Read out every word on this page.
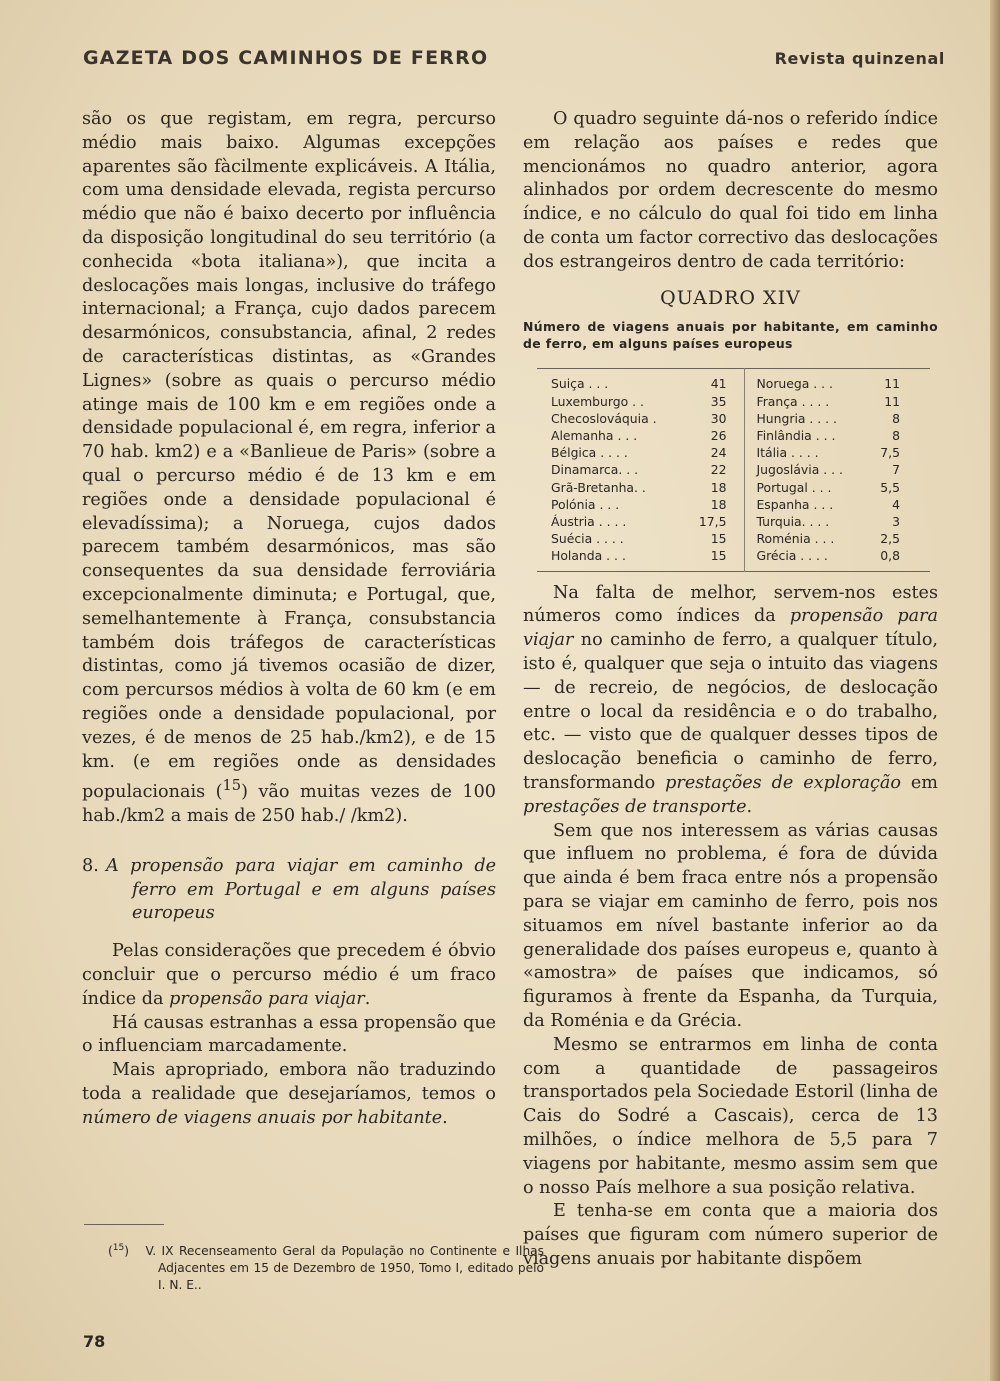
GAZETA DOS CAMINHOS DE FERRO	Revista quinzenal

são os que registam, em regra, percurso médio mais baixo. Algumas excepções aparentes são fàcilmente explicáveis. A Itália, com uma densidade elevada, regista percurso médio que não é baixo decerto por influência da disposição longitudinal do seu território (a conhecida «bota italiana»), que incita a deslocações mais longas, inclusive do tráfego internacional; a França, cujo dados parecem desarmónicos, consubstancia, afinal, 2 redes de características distintas, as «Grandes Lignes» (sobre as quais o percurso médio atinge mais de 100 km e em regiões onde a densidade populacional é, em regra, inferior a 70 hab. km2) e a «Banlieue de Paris» (sobre a qual o percurso médio é de 13 km e em regiões onde a densidade populacional é elevadíssima); a Noruega, cujos dados parecem também desarmónicos, mas são consequentes da sua densidade ferroviária excepcionalmente diminuta; e Portugal, que, semelhantemente à França, consubstancia também dois tráfegos de características distintas, como já tivemos ocasião de dizer, com percursos médios à volta de 60 km (e em regiões onde a densidade populacional, por vezes, é de menos de 25 hab./km2), e de 15 km. (e em regiões onde as densidades populacionais ($^{15}$) vão muitas vezes de 100 hab./km2 a mais de 250 hab./ /km2).

8. A propensão para viajar em caminho de ferro em Portugal e em alguns países europeus

Pelas considerações que precedem é óbvio concluir que o percurso médio é um fraco índice da propensão para viajar.

Há causas estranhas a essa propensão que o influenciam marcadamente.

Mais apropriado, embora não traduzindo toda a realidade que desejaríamos, temos o número de viagens anuais por habitante.

($^{15}$)   V. IX Recenseamento Geral da População no Continente e Ilhas Adjacentes em 15 de Dezembro de 1950, Tomo I, editado pelo I. N. E..
78

O quadro seguinte dá-nos o referido índice em relação aos países e redes que mencionámos no quadro anterior, agora alinhados por ordem decrescente do mesmo índice, e no cálculo do qual foi tido em linha de conta um factor correctivo das deslocações dos estrangeiros dentro de cada território:

QUADRO XIV

Número de viagens anuais por habitante, em caminho de ferro, em alguns países europeus

Suiça . . .	41		Noruega . . .	11
Luxemburgo . .	35		França . . . .	11
Checoslováquia .	30		Hungria . . . .	8
Alemanha . . .	26		Finlândia . . .	8
Bélgica . . . .	24		Itália . . . .	7,5
Dinamarca. . .	22		Jugoslávia . . .	7
Grã-Bretanha. .	18		Portugal . . .	5,5
Polónia . . .	18		Espanha . . .	4
Áustria . . . .	17,5		Turquia. . . .	3
Suécia . . . .	15		Roménia . . .	2,5
Holanda . . .	15		Grécia . . . .	0,8

Na falta de melhor, servem-nos estes números como índices da propensão para viajar no caminho de ferro, a qualquer título, isto é, qualquer que seja o intuito das viagens — de recreio, de negócios, de deslocação entre o local da residência e o do trabalho, etc. — visto que de qualquer desses tipos de deslocação beneficia o caminho de ferro, transformando prestações de exploração em prestações de transporte.

Sem que nos interessem as várias causas que influem no problema, é fora de dúvida que ainda é bem fraca entre nós a propensão para se viajar em caminho de ferro, pois nos situamos em nível bastante inferior ao da generalidade dos países europeus e, quanto à «amostra» de países que indicamos, só figuramos à frente da Espanha, da Turquia, da Roménia e da Grécia.

Mesmo se entrarmos em linha de conta com a quantidade de passageiros transportados pela Sociedade Estoril (linha de Cais do Sodré a Cascais), cerca de 13 milhões, o índice melhora de 5,5 para 7 viagens por habitante, mesmo assim sem que o nosso País melhore a sua posição relativa.

E tenha-se em conta que a maioria dos países que figuram com número superior de viagens anuais por habitante dispõem
